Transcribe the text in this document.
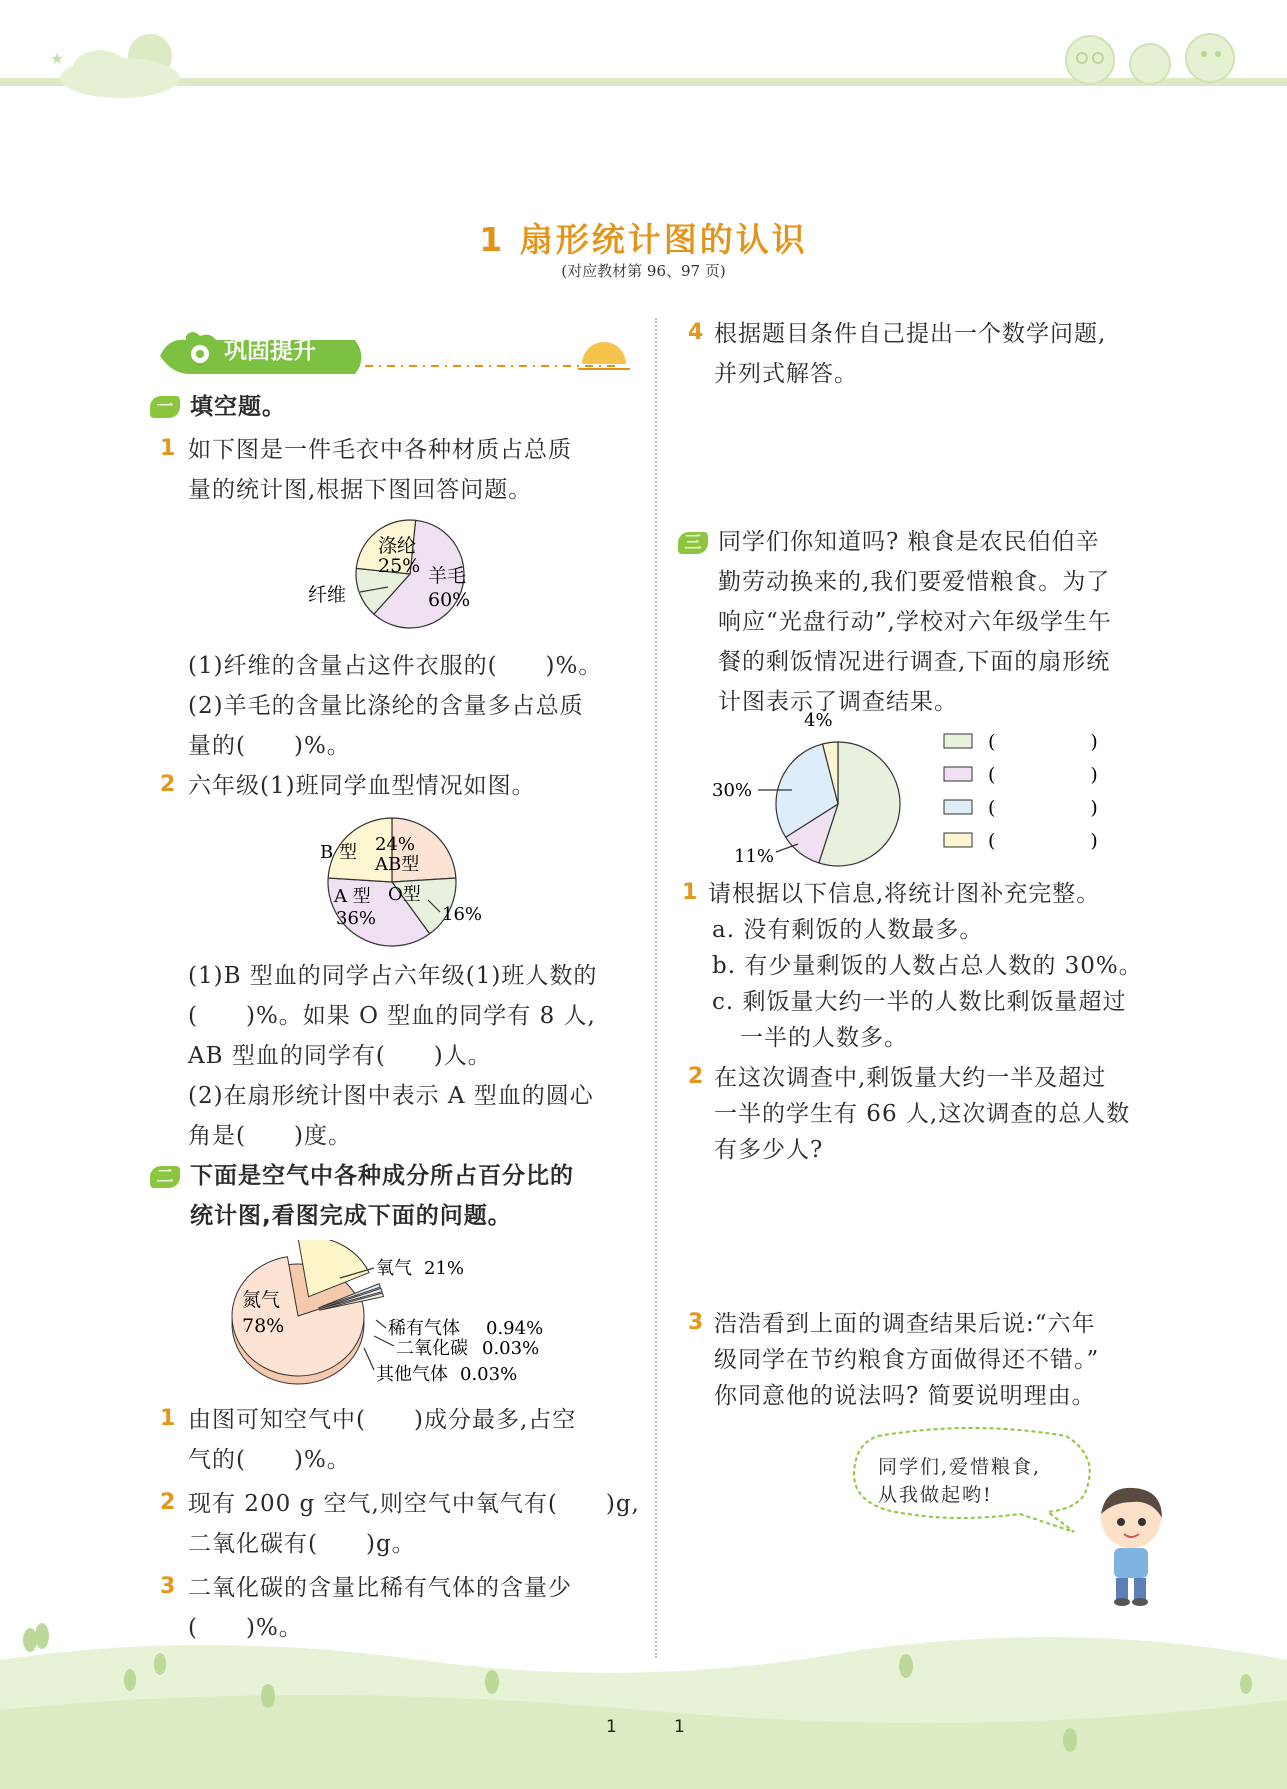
★
1 扇形统计图的认识
(对应教材第 96、97 页)
巩固提升
一 填空题。
1 如下图是一件毛衣中各种材质占总质
量的统计图,根据下图回答问题。
涤纶
25% 羊毛
60%
纤维
(1)纤维的含量占这件衣服的(　　)%。
(2)羊毛的含量比涤纶的含量多占总质
量的(　　)%。
2 六年级(1)班同学血型情况如图。
B 型 24%
AB型
A 型
36%
O型
16%
(1)B 型血的同学占六年级(1)班人数的
(　　)%。如果 O 型血的同学有 8 人,
AB 型血的同学有(　　)人。
(2)在扇形统计图中表示 A 型血的圆心
角是(　　)度。
二 下面是空气中各种成分所占百分比的
统计图,看图完成下面的问题。
氮气
78%
氧气 21%
稀有气体 0.94%
二氧化碳 0.03%
其他气体 0.03%
1 由图可知空气中(　　)成分最多,占空
气的(　　)%。
2 现有 200 g 空气,则空气中氧气有(　　)g,
二氧化碳有(　　)g。
3 二氧化碳的含量比稀有气体的含量少
(　　)%。
4 根据题目条件自己提出一个数学问题,
并列式解答。
三 同学们你知道吗? 粮食是农民伯伯辛
勤劳动换来的,我们要爱惜粮食。为了
响应“光盘行动”,学校对六年级学生午
餐的剩饭情况进行调查,下面的扇形统
计图表示了调查结果。
4%
30%
11%
(　　　　　)
(　　　　　)
(　　　　　)
(　　　　　)
1 请根据以下信息,将统计图补充完整。
a. 没有剩饭的人数最多。
b. 有少量剩饭的人数占总人数的 30%。
c. 剩饭量大约一半的人数比剩饭量超过
一半的人数多。
2 在这次调查中,剩饭量大约一半及超过
一半的学生有 66 人,这次调查的总人数
有多少人?
3 浩浩看到上面的调查结果后说:“六年
级同学在节约粮食方面做得还不错。”
你同意他的说法吗? 简要说明理由。
同学们,爱惜粮食,
从我做起哟!
1	1
